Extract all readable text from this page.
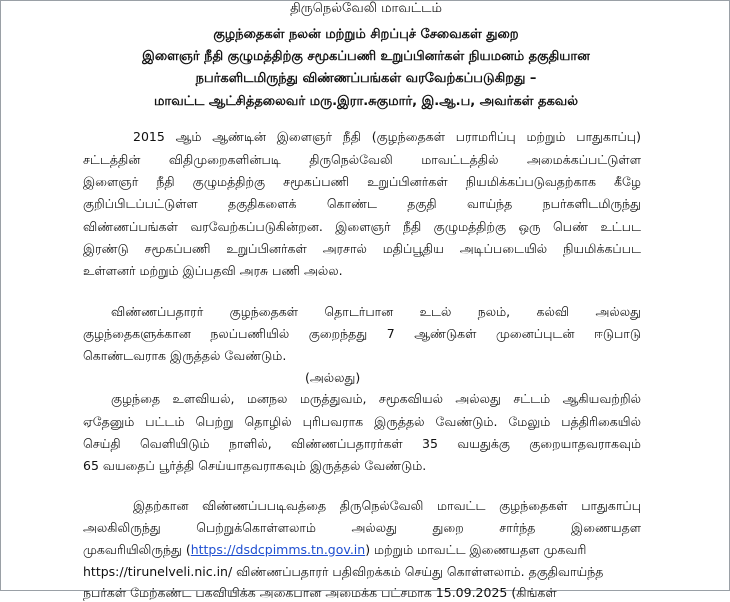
திருநெல்வேலி மாவட்டம்
குழந்தைகள் நலன் மற்றும் சிறப்புச் சேவைகள் துறை
இளைஞர் நீதி குழுமத்திற்கு சமூகப்பணி உறுப்பினர்கள் நியமனம் தகுதியான
நபர்களிடமிருந்து விண்ணப்பங்கள் வரவேற்கப்படுகிறது –
மாவட்ட ஆட்சித்தலைவர் மரு.இரா.சுகுமார், இ.ஆ.ப, அவர்கள் தகவல்
2015 ஆம் ஆண்டின் இளைஞர் நீதி (குழந்தைகள் பராமரிப்பு மற்றும் பாதுகாப்பு)
சட்டத்தின் விதிமுறைகளின்படி திருநெல்வேலி மாவட்டத்தில் அமைக்கப்பட்டுள்ள
இளைஞர் நீதி குழுமத்திற்கு சமூகப்பணி உறுப்பினர்கள் நியமிக்கப்படுவதற்காக கீழே
குறிப்பிடப்பட்டுள்ள தகுதிகளைக் கொண்ட தகுதி வாய்ந்த நபர்களிடமிருந்து
விண்ணப்பங்கள் வரவேற்கப்படுகின்றன. இளைஞர் நீதி குழுமத்திற்கு ஒரு பெண் உட்பட
இரண்டு சமூகப்பணி உறுப்பினர்கள் அரசால் மதிப்பூதிய அடிப்படையில் நியமிக்கப்பட
உள்ளனர் மற்றும் இப்பதவி அரசு பணி அல்ல.
விண்ணப்பதாரர் குழந்தைகள் தொடர்பான உடல் நலம், கல்வி அல்லது
குழந்தைகளுக்கான நலப்பணியில் குறைந்தது 7 ஆண்டுகள் முனைப்புடன் ஈடுபாடு
கொண்டவராக இருத்தல் வேண்டும்.
(அல்லது)
குழந்தை உளவியல், மனநல மருத்துவம், சமூகவியல் அல்லது சட்டம் ஆகியவற்றில்
ஏதேனும் பட்டம் பெற்று தொழில் புரிபவராக இருத்தல் வேண்டும். மேலும் பத்திரிகையில்
செய்தி வெளியிடும் நாளில், விண்ணப்பதாரர்கள் 35 வயதுக்கு குறையாதவராகவும்
65 வயதைப் பூர்த்தி செய்யாதவராகவும் இருத்தல் வேண்டும்.
இதற்கான விண்ணப்பபடிவத்தை திருநெல்வேலி மாவட்ட குழந்தைகள் பாதுகாப்பு
அலகிலிருந்து பெற்றுக்கொள்ளலாம் அல்லது துறை சார்ந்த இணையதள
முகவரியிலிருந்து (https://dsdcpimms.tn.gov.in) மற்றும் மாவட்ட இணையதள முகவரி
https://tirunelveli.nic.in/ விண்ணப்பதாரர் பதிவிறக்கம் செய்து கொள்ளலாம். தகுதிவாய்ந்த
நபர்கள் மேற்கண்ட பகவியிக்க அகைபான அமைக்க பட்சமாக 15.09.2025 (கிங்கள்
